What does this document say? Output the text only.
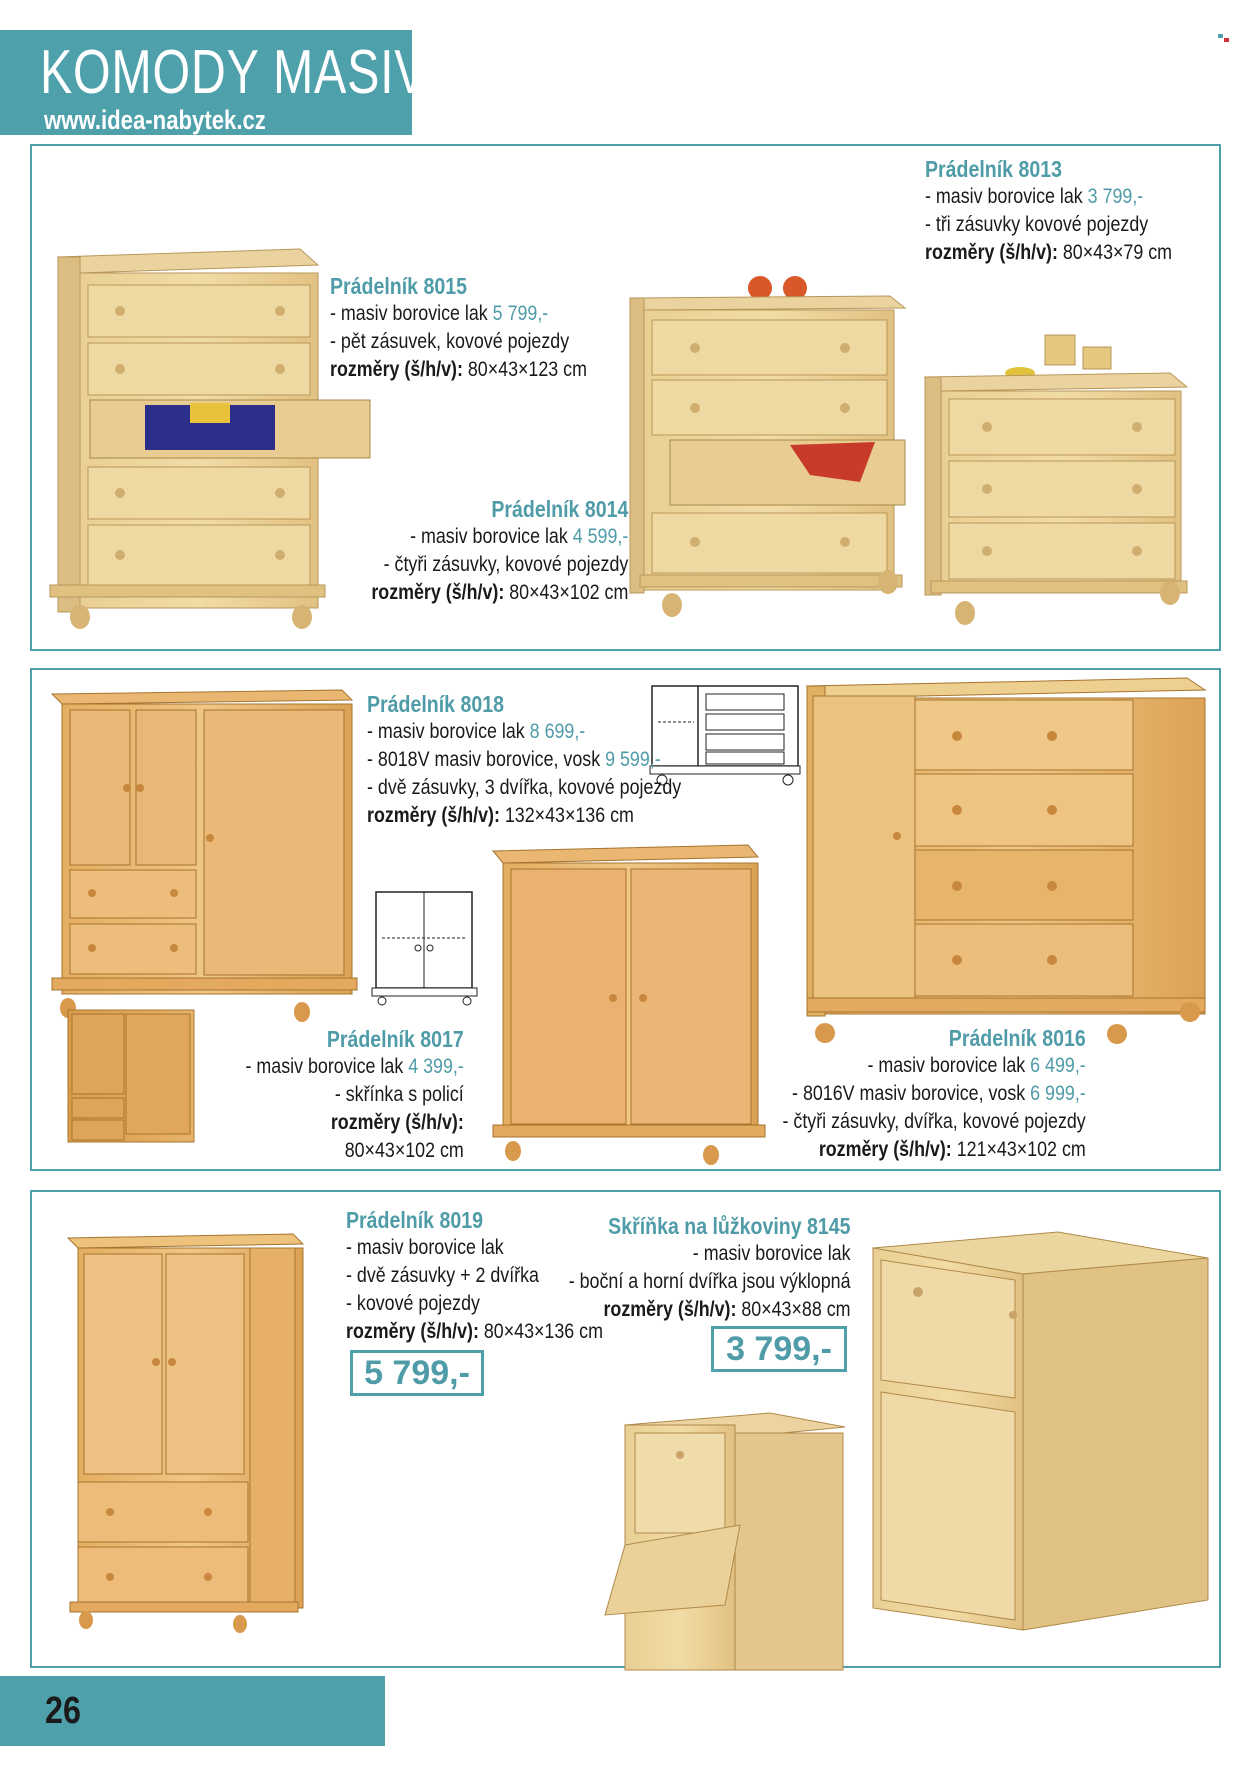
KOMODY MASIV
www.idea-nabytek.cz
Prádelník 8013
- masiv borovice lak 3 799,-
- tři zásuvky kovové pojezdy
rozměry (š/h/v): 80×43×79 cm
Prádelník 8015
- masiv borovice lak 5 799,-
- pět zásuvek, kovové pojezdy
rozměry (š/h/v): 80×43×123 cm
Prádelník 8014
- masiv borovice lak 4 599,-
- čtyři zásuvky, kovové pojezdy
rozměry (š/h/v): 80×43×102 cm
Prádelník 8018
- masiv borovice lak 8 699,-
- 8018V masiv borovice, vosk 9 599,-
- dvě zásuvky, 3 dvířka, kovové pojezdy
rozměry (š/h/v): 132×43×136 cm
Prádelník 8017
- masiv borovice lak 4 399,-
- skřínka s policí
rozměry (š/h/v):
80×43×102 cm
Prádelník 8016
- masiv borovice lak 6 499,-
- 8016V masiv borovice, vosk 6 999,-
- čtyři zásuvky, dvířka, kovové pojezdy
rozměry (š/h/v): 121×43×102 cm
Prádelník 8019
- masiv borovice lak
- dvě zásuvky + 2 dvířka
- kovové pojezdy
rozměry (š/h/v): 80×43×136 cm
5 799,-
Skříňka na lůžkoviny 8145
- masiv borovice lak
- boční a horní dvířka jsou výklopná
rozměry (š/h/v): 80×43×88 cm
3 799,-
26
